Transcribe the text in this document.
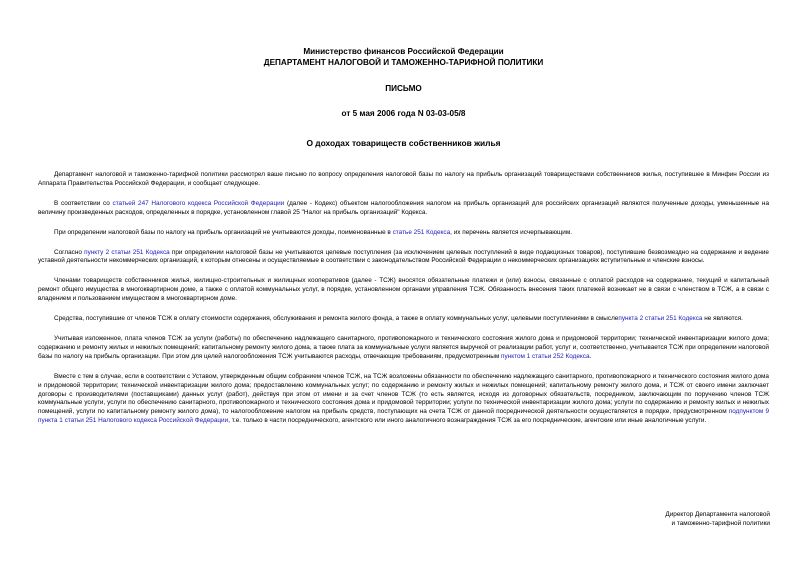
Министерство финансов Российской Федерации
ДЕПАРТАМЕНТ НАЛОГОВОЙ И ТАМОЖЕННО-ТАРИФНОЙ ПОЛИТИКИ
ПИСЬМО
от 5 мая 2006 года N 03-03-05/8
О доходах товариществ собственников жилья

Департамент налоговой и таможенно-тарифной политики рассмотрел ваше письмо по вопросу определения налоговой базы по налогу на прибыль организаций товариществами собственников жилья, поступившее в Минфин России из Аппарата Правительства Российской Федерации, и сообщает следующее.

В соответствии со статьей 247 Налогового кодекса Российской Федерации (далее - Кодекс) объектом налогообложения налогом на прибыль организаций для российских организаций являются полученные доходы, уменьшенные на величину произведенных расходов, определенных в порядке, установленном главой 25 "Налог на прибыль организаций" Кодекса.

При определении налоговой базы по налогу на прибыль организаций не учитываются доходы, поименованные в статье 251 Кодекса, их перечень является исчерпывающим.

Согласно пункту 2 статьи 251 Кодекса при определении налоговой базы не учитываются целевые поступления (за исключением целевых поступлений в виде подакцизных товаров), поступившие безвозмездно на содержание и ведение уставной деятельности некоммерческих организаций, к которым отнесены и осуществляемые в соответствии с законодательством Российской Федерации о некоммерческих организациях вступительные и членские взносы.

Членами товариществ собственников жилья, жилищно-строительных и жилищных кооперативов (далее - ТСЖ) вносятся обязательные платежи и (или) взносы, связанные с оплатой расходов на содержание, текущий и капитальный ремонт общего имущества в многоквартирном доме, а также с оплатой коммунальных услуг, в порядке, установленном органами управления ТСЖ. Обязанность внесения таких платежей возникает не в связи с членством в ТСЖ, а в связи с владением и пользованием имуществом в многоквартирном доме.

Средства, поступившие от членов ТСЖ в оплату стоимости содержания, обслуживания и ремонта жилого фонда, а также в оплату коммунальных услуг, целевыми поступлениями в смыслепункта 2 статьи 251 Кодекса не являются.

Учитывая изложенное, плата членов ТСЖ за услуги (работы) по обеспечению надлежащего санитарного, противопожарного и технического состояния жилого дома и придомовой территории; технической инвентаризации жилого дома; содержанию и ремонту жилых и нежилых помещений; капитальному ремонту жилого дома, а также плата за коммунальные услуги является выручкой от реализации работ, услуг и, соответственно, учитывается ТСЖ при определении налоговой базы по налогу на прибыль организации. При этом для целей налогообложения ТСЖ учитываются расходы, отвечающие требованиям, предусмотренным пунктом 1 статьи 252 Кодекса.

Вместе с тем в случае, если в соответствии с Уставом, утвержденным общим собранием членов ТСЖ, на ТСЖ возложены обязанности по обеспечению надлежащего санитарного, противопожарного и технического состояния жилого дома и придомовой территории; технической инвентаризации жилого дома; предоставлению коммунальных услуг; по содержанию и ремонту жилых и нежилых помещений; капитальному ремонту жилого дома, и ТСЖ от своего имени заключает договоры с производителями (поставщиками) данных услуг (работ), действуя при этом от имени и за счет членов ТСЖ (то есть является, исходя из договорных обязательств, посредником, заключающим по поручению членов ТСЖ коммунальные услуги, услуги по обеспечению санитарного, противопожарного и технического состояния дома и придомовой территории; услуги по технической инвентаризации жилого дома; услуги по содержанию и ремонту жилых и нежилых помещений, услуги по капитальному ремонту жилого дома), то налогообложение налогом на прибыль средств, поступающих на счета ТСЖ от данной посреднической деятельности осуществляется в порядке, предусмотренном подпунктом 9 пункта 1 статьи 251 Налогового кодекса Российской Федерации, т.е. только в части посреднического, агентского или иного аналогичного вознаграждения ТСЖ за его посреднические, агентские или иные аналогичные услуги.

Директор Департамента налоговой
и таможенно-тарифной политики
